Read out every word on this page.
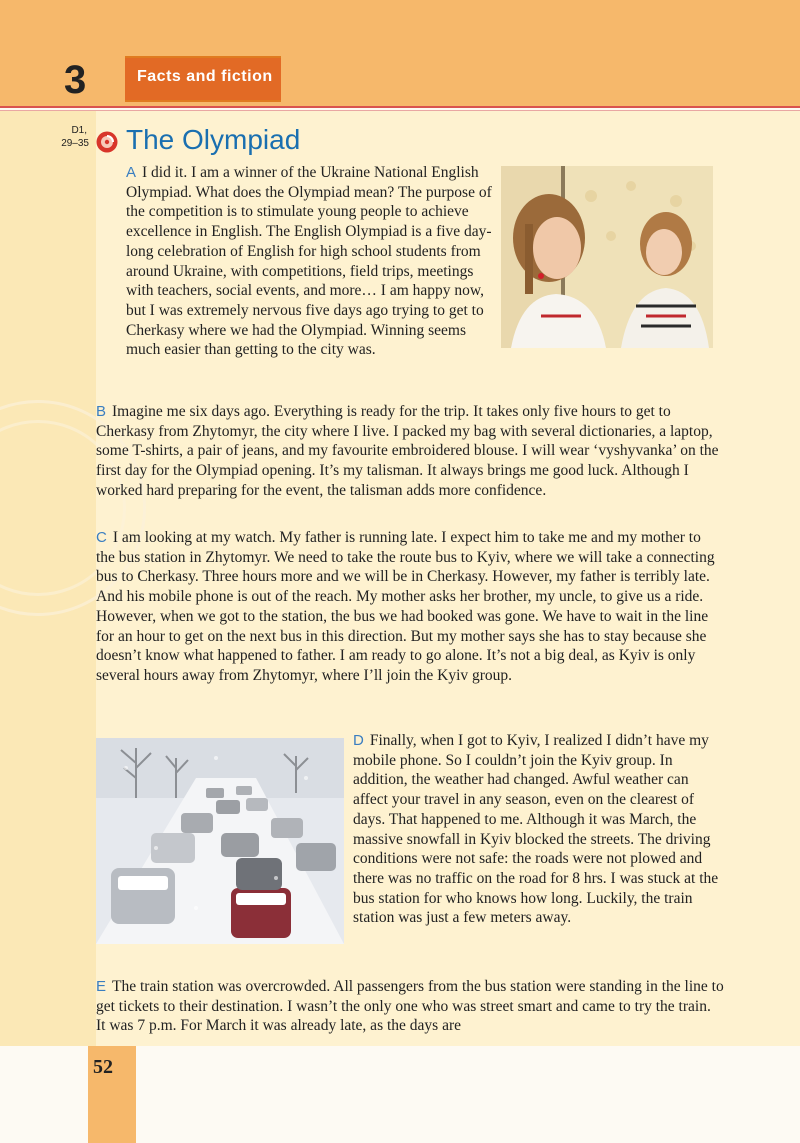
3	Facts and fiction
D1,
29–35 The Olympiad
A I did it. I am a winner of the Ukraine National English Olympiad. What does the Olympiad mean? The purpose of the competition is to stimulate young people to achieve excellence in English. The English Olympiad is a five day-long celebration of English for high school students from around Ukraine, with competitions, field trips, meetings with teachers, social events, and more… I am happy now, but I was extremely nervous five days ago trying to get to Cherkasy where we had the Olympiad. Winning seems much easier than getting to the city was.
B Imagine me six days ago. Everything is ready for the trip. It takes only five hours to get to Cherkasy from Zhytomyr, the city where I live. I packed my bag with several dictionaries, a laptop, some T-shirts, a pair of jeans, and my favourite embroidered blouse. I will wear ‘vyshyvanka’ on the first day for the Olympiad opening. It’s my talisman. It always brings me good luck. Although I worked hard preparing for the event, the talisman adds more confidence.
C I am looking at my watch. My father is running late. I expect him to take me and my mother to the bus station in Zhytomyr. We need to take the route bus to Kyiv, where we will take a connecting bus to Cherkasy. Three hours more and we will be in Cherkasy. However, my father is terribly late. And his mobile phone is out of the reach. My mother asks her brother, my uncle, to give us a ride. However, when we got to the station, the bus we had booked was gone. We have to wait in the line for an hour to get on the next bus in this direction. But my mother says she has to stay because she doesn’t know what happened to father. I am ready to go alone. It’s not a big deal, as Kyiv is only several hours away from Zhytomyr, where I’ll join the Kyiv group.
D Finally, when I got to Kyiv, I realized I didn’t have my mobile phone. So I couldn’t join the Kyiv group. In addition, the weather had changed. Awful weather can affect your travel in any season, even on the clearest of days. That happened to me. Although it was March, the massive snowfall in Kyiv blocked the streets. The driving conditions were not safe: the roads were not plowed and there was no traffic on the road for 8 hrs. I was stuck at the bus station for who knows how long. Luckily, the train station was just a few meters away.
E The train station was overcrowded. All passengers from the bus station were standing in the line to get tickets to their destination. I wasn’t the only one who was street smart and came to try the train. It was 7 p.m. For March it was already late, as the days are
52
